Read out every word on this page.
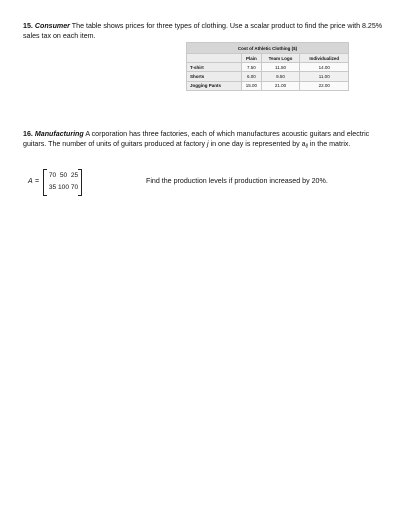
15. Consumer The table shows prices for three types of clothing. Use a scalar product to find the price with 8.25% sales tax on each item.
Cost of Athletic Clothing ($)			
	Plain	Team Logo	Individualized
T-shirt	7.50	11.50	14.00
Shorts	6.00	9.50	11.00
Jogging Pants	15.00	21.00	22.00
16. Manufacturing A corporation has three factories, each of which manufactures acoustic guitars and electric guitars. The number of units of guitars produced at factory j in one day is represented by $a_{ij}$ in the matrix.
A =
70 50 25
35 100 70
Find the production levels if production increased by 20%.
